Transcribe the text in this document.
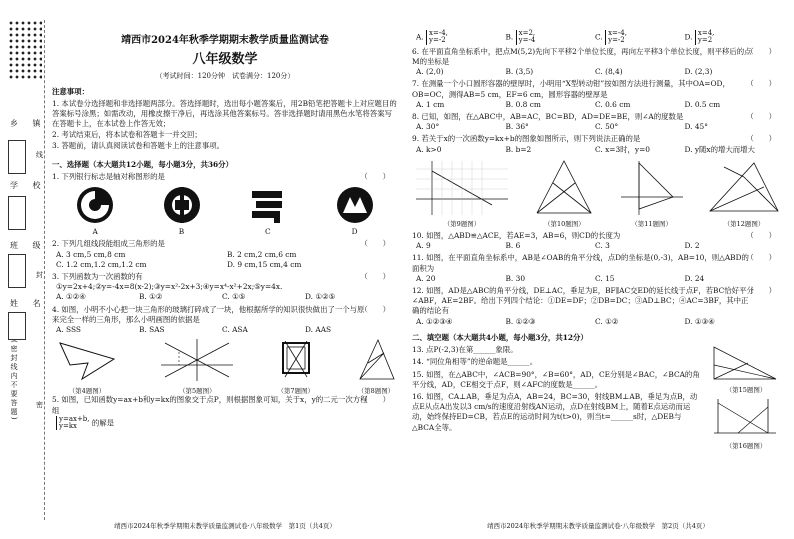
乡 镇
学 校
班 级
姓 名
(密封线内不要答题)
线
封
密
靖西市2024年秋季学期期末教学质量监测试卷
八年级数学
（考试时间：120分钟　试卷满分：120分）
注意事项：
1. 本试卷分选择题和非选择题两部分。答选择题时，选出每小题答案后，用2B铅笔把答题卡上对应题目的答案标号涂黑；如需改动，用橡皮擦干净后，再选涂其他答案标号。答非选择题时请用黑色水笔将答案写在答题卡上，在本试卷上作答无效；
2. 考试结束后，将本试卷和答题卡一并交回；
3. 答题前，请认真阅读试卷和答题卡上的注意事项。
一、选择题（本大题共12小题，每小题3分，共36分）
1. 下列银行标志是轴对称图形的是	（　　）
A	B	C	D
2. 下列几组线段能组成三角形的是	（　　）
A. 3 cm,5 cm,8 cm	B. 2 cm,2 cm,6 cm
C. 1.2 cm,1.2 cm,1.2 cm	D. 9 cm,15 cm,4 cm
3. 下列函数为一次函数的有	（　　）
①y=2x+4;②y=-4x=8(x-2);③y=x²-2x+3;④y=x⁴-x²+2x;⑤y=4x.
A. ①②④	B. ①②	C. ①⑤	D. ①②⑤
4. 如图，小明不小心把一块三角形的玻璃打碎成了一块，他根据所学的知识很快做出了一个与原来完全一样的三角形，那么小明画图的依据是
（　　）
A. SSS	B. SAS	C. ASA	D. AAS
（第4题图）	（第5题图）	（第7题图）	（第8题图）
5. 如图，已知函数y=ax+b和y=kx的图象交于点P，则根据图象可知，关于x，y的二元一次方程组
（　　）
y=ax+b,
y=kx 的解是
靖西市2024年秋季学期期末教学质量监测试卷·八年级数学　第1页（共4页）
A. x=-4,
y=-2	B. x=2,
y=-4	C. x=-4,
y=-2	D. x=4,
y=2
6. 在平面直角坐标系中，把点M(5,2)先向下平移2个单位长度，再向左平移3个单位长度，则平移后的点M的坐标是
（　　）
A. (2,0)	B. (3,5)	C. (8,4)	D. (2,3)
7. 在测量一个小口圆形容器的壁厚时，小明用“X型转动钳”按如图方法进行测量，其中OA=OD，OB=OC，测得AB=5 cm，EF=6 cm，圆形容器的壁厚是
（　　）
A. 1 cm	B. 0.8 cm	C. 0.6 cm	D. 0.5 cm
8. 已知，如图，在△ABC中，AB=AC，BC=BD，AD=DE=BE，则∠A的度数是	（　　）
A. 30°	B. 36°	C. 50°	D. 45°
9. 若关于x的一次函数y=kx+b的图象如图所示，则下列说法正确的是	（　　）
A. k>0	B. b=2	C. x=3时，y=0	D. y随x的增大而增大
（第9题图）	（第10题图）	（第11题图）	（第12题图）
10. 如图，△ABD≌△ACE，若AE=3，AB=6，则CD的长度为	（　　）
A. 9	B. 6	C. 3	D. 2
11. 如图，在平面直角坐标系中，AB是∠OAB的角平分线，点D的坐标是(0,-3)，AB=10，则△ABD的面积为
（　　）
A. 20	B. 30	C. 15	D. 24
12. 如图，AD是△ABC的角平分线，DE⊥AC，垂足为E，BF∥AC交ED的延长线于点F，若BC恰好平分∠ABF，AE=2BF。给出下列四个结论：①DE=DF；②DB=DC；③AD⊥BC；④AC=3BF，其中正确的结论有
（　　）
A. ①②③④	B. ①②③	C. ①②	D. ①③④
二、填空题（本大题共4小题，每小题3分，共12分）
13. 点P(-2,3)在第______象限。
14. “同位角相等”的逆命题是______。
15. 如图，在△ABC中，∠ACB=90°，∠B=60°，AD，CE分别是∠BAC，∠BCA的角平分线，AD，CE相交于点F，则∠AFC的度数是______。
16. 如图，CA⊥AB，垂足为点A，AB=24，BC=30，射线BM⊥AB，垂足为点B，动点E从点A出发以3 cm/s的速度沿射线AN运动，点D在射线BM上，随着E点运动而运动，始终保持ED=CB，若点E的运动时间为t(t>0)，则当t=______s时，△DEB与△BCA全等。
（第15题图）
（第16题图）
靖西市2024年秋季学期期末教学质量监测试卷·八年级数学　第2页（共4页）
